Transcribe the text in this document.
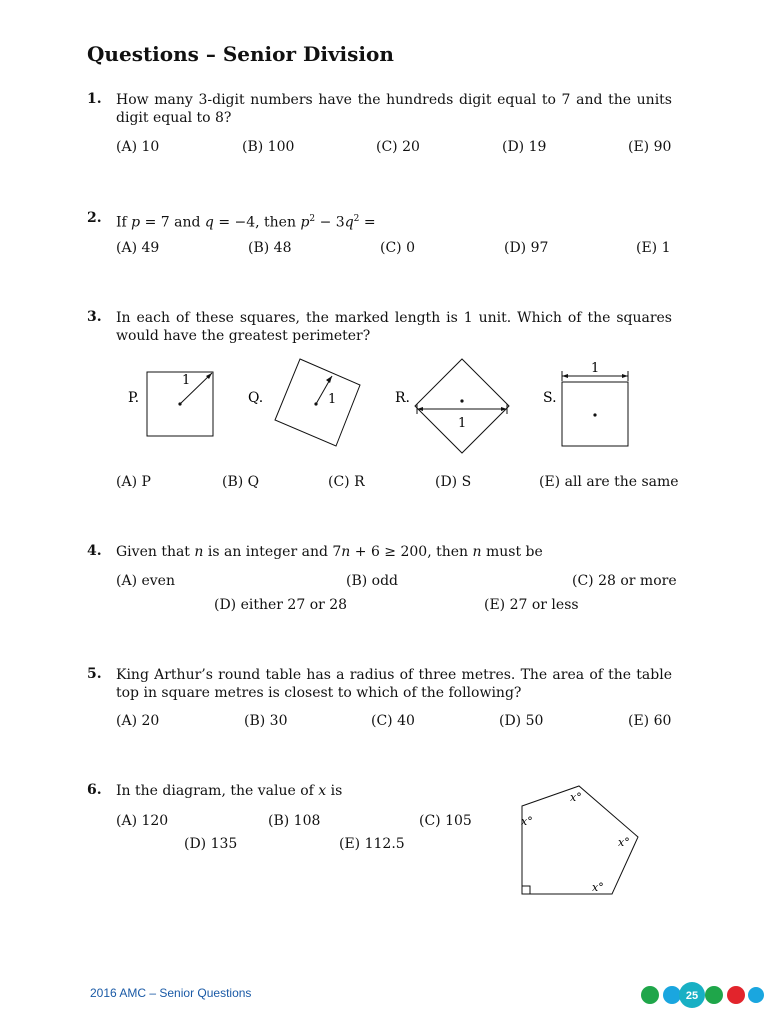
Questions – Senior Division
1. How many 3-digit numbers have the hundreds digit equal to 7 and the units digit equal to 8?
(A) 10	(B) 100	(C) 20	(D) 19	(E) 90
2. If p = 7 and q = −4, then $p^2 - 3q^2$ =
(A) 49	(B) 48	(C) 0	(D) 97	(E) 1
3. In each of these squares, the marked length is 1 unit. Which of the squares would have the greatest perimeter?
P.
1
Q.	1	R.
1
S.
1
(A) P	(B) Q	(C) R	(D) S	(E) all are the same
4. Given that n is an integer and 7n + 6 ≥ 200, then n must be
(A) even	(B) odd	(C) 28 or more
(D) either 27 or 28	(E) 27 or less
5. King Arthur’s round table has a radius of three metres. The area of the table top in square metres is closest to which of the following?
(A) 20	(B) 30	(C) 40	(D) 50	(E) 60
6. In the diagram, the value of x is
(A) 120	(B) 108	(C) 105
(D) 135	(E) 112.5
x°
x°
x°
x°
2016 AMC – Senior Questions	25
